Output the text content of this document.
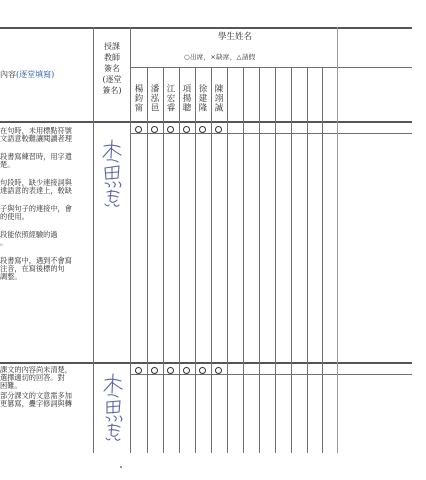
學生姓名
○出席，×缺席，△請假
授課
教師
簽名
(逐堂
簽名)
內容(逐堂填寫)
楊鈞甯 潘泓邑 江宏睿 項揚聰 徐建隆 陳翊誠
在句時，未用標點符號
文語意較難讓閱讀者理
段書寫練習時，用字遣
楚。
句段時，缺少連接詞與
達語意的表達上，較缺
子與句子的連接中，會
的使用。
段能依照經驗的過
。
段書寫中，遇到不會寫
注音，在寫後標的句
調整。
課文的內容尚未清楚，
選擇適切的回答。對
困難。
部分課文的文意需多加
更篡寫，疊字修詞與轉
